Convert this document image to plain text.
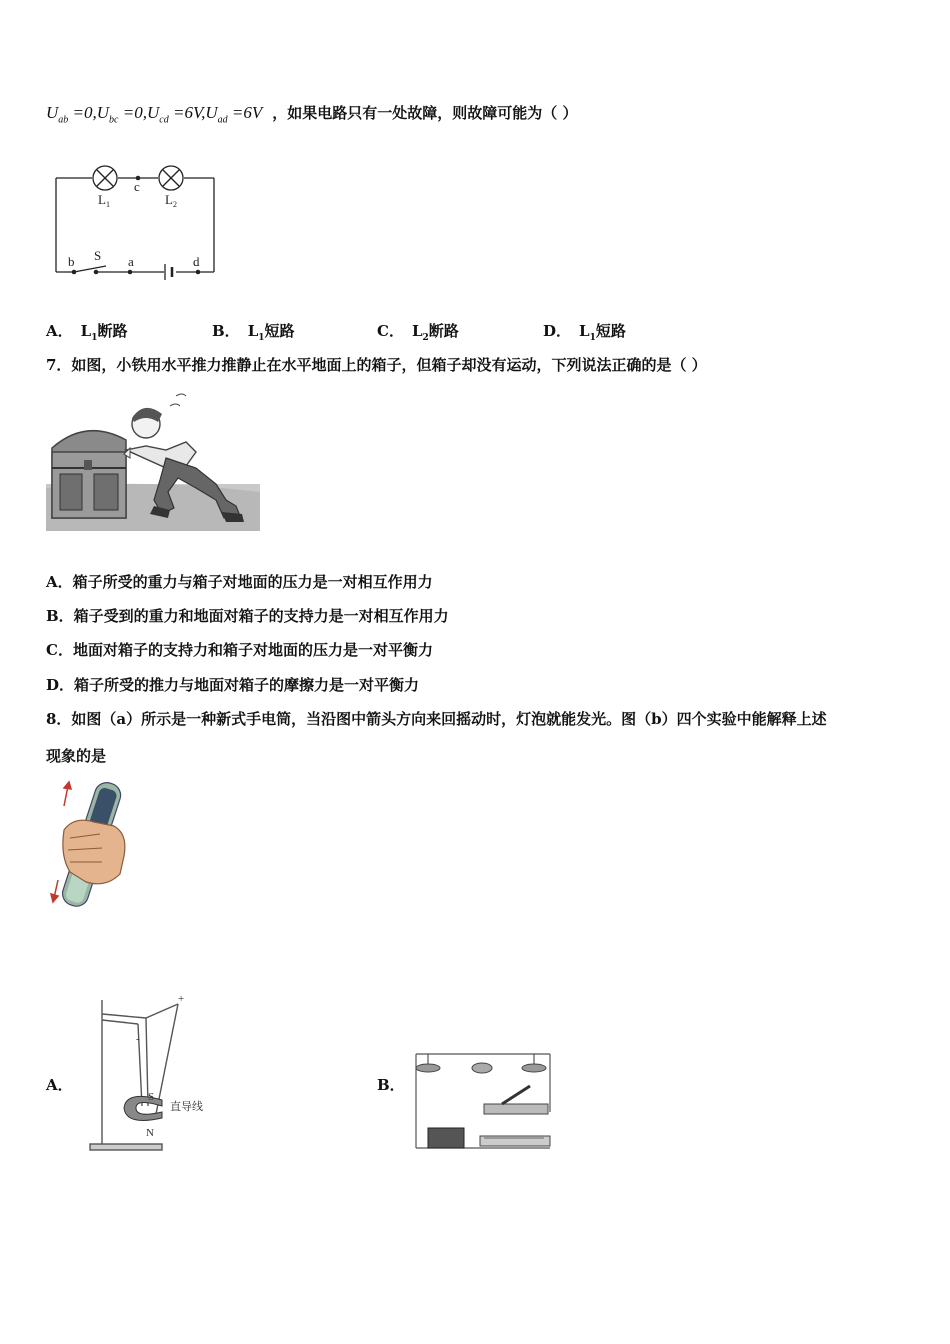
$U_{ab} =0,U_{bc} =0,U_{cd} =6V,U_{ad} =6V$ ，如果电路只有一处故障，则故障可能为（ ）
c
$L_1$	$L_2$
b S a	d
A． $L_1$断路	B． $L_1$短路	C． $L_2$断路	D． $L_1$短路
7．如图，小铁用水平推力推静止在水平地面上的箱子，但箱子却没有运动，下列说法正确的是（ ）
A．箱子所受的重力与箱子对地面的压力是一对相互作用力
B．箱子受到的重力和地面对箱子的支持力是一对相互作用力
C．地面对箱子的支持力和箱子对地面的压力是一对平衡力
D．箱子所受的推力与地面对箱子的摩擦力是一对平衡力
8．如图（a）所示是一种新式手电筒，当沿图中箭头方向来回摇动时，灯泡就能发光。图（b）四个实验中能解释上述
现象的是
A．
+
-
S
N
直导线
B．
